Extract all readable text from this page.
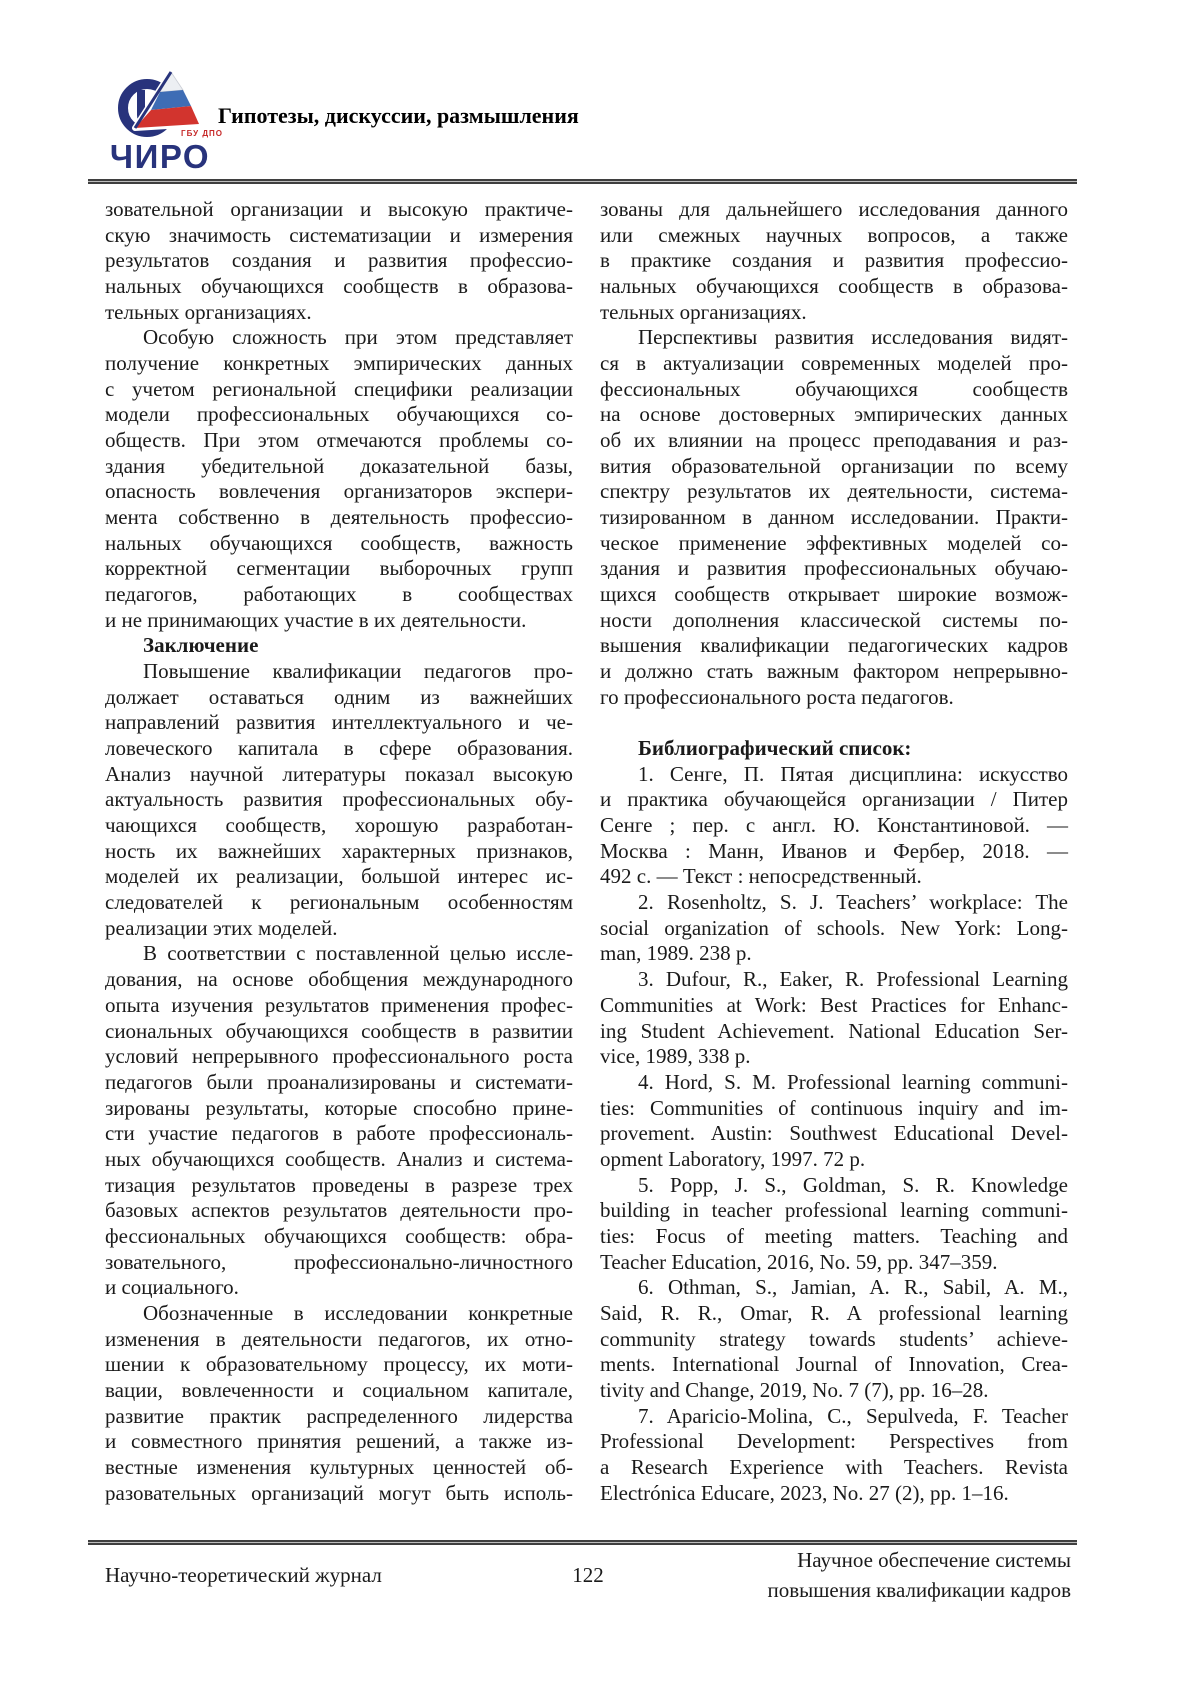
ГБУ ДПО
ЧИРО
Гипотезы, дискуссии, размышления
зовательной организации и высокую практиче-
скую значимость систематизации и измерения
результатов создания и развития профессио-
нальных обучающихся сообществ в образова-
тельных организациях.
Особую сложность при этом представляет
получение конкретных эмпирических данных
с учетом региональной специфики реализации
модели профессиональных обучающихся со-
обществ. При этом отмечаются проблемы со-
здания убедительной доказательной базы,
опасность вовлечения организаторов экспери-
мента собственно в деятельность профессио-
нальных обучающихся сообществ, важность
корректной сегментации выборочных групп
педагогов, работающих в сообществах
и не принимающих участие в их деятельности.
Заключение
Повышение квалификации педагогов про-
должает оставаться одним из важнейших
направлений развития интеллектуального и че-
ловеческого капитала в сфере образования.
Анализ научной литературы показал высокую
актуальность развития профессиональных обу-
чающихся сообществ, хорошую разработан-
ность их важнейших характерных признаков,
моделей их реализации, большой интерес ис-
следователей к региональным особенностям
реализации этих моделей.
В соответствии с поставленной целью иссле-
дования, на основе обобщения международного
опыта изучения результатов применения профес-
сиональных обучающихся сообществ в развитии
условий непрерывного профессионального роста
педагогов были проанализированы и системати-
зированы результаты, которые способно прине-
сти участие педагогов в работе профессиональ-
ных обучающихся сообществ. Анализ и система-
тизация результатов проведены в разрезе трех
базовых аспектов результатов деятельности про-
фессиональных обучающихся сообществ: обра-
зовательного, профессионально-личностного
и социального.
Обозначенные в исследовании конкретные
изменения в деятельности педагогов, их отно-
шении к образовательному процессу, их моти-
вации, вовлеченности и социальном капитале,
развитие практик распределенного лидерства
и совместного принятия решений, а также из-
вестные изменения культурных ценностей об-
разовательных организаций могут быть исполь-
зованы для дальнейшего исследования данного
или смежных научных вопросов, а также
в практике создания и развития профессио-
нальных обучающихся сообществ в образова-
тельных организациях.
Перспективы развития исследования видят-
ся в актуализации современных моделей про-
фессиональных обучающихся сообществ
на основе достоверных эмпирических данных
об их влиянии на процесс преподавания и раз-
вития образовательной организации по всему
спектру результатов их деятельности, система-
тизированном в данном исследовании. Практи-
ческое применение эффективных моделей со-
здания и развития профессиональных обучаю-
щихся сообществ открывает широкие возмож-
ности дополнения классической системы по-
вышения квалификации педагогических кадров
и должно стать важным фактором непрерывно-
го профессионального роста педагогов.

Библиографический список:
1. Сенге, П. Пятая дисциплина: искусство
и практика обучающейся организации / Питер
Сенге ; пер. с англ. Ю. Константиновой. —
Москва : Манн, Иванов и Фербер, 2018. —
492 с. — Текст : непосредственный.
2. Rosenholtz, S. J. Teachers’ workplace: The
social organization of schools. New York: Long-
man, 1989. 238 p.
3. Dufour, R., Eaker, R. Professional Learning
Communities at Work: Best Practices for Enhanc-
ing Student Achievement. National Education Ser-
vice, 1989, 338 p.
4. Hord, S. M. Professional learning communi-
ties: Communities of continuous inquiry and im-
provement. Austin: Southwest Educational Devel-
opment Laboratory, 1997. 72 p.
5. Popp, J. S., Goldman, S. R. Knowledge
building in teacher professional learning communi-
ties: Focus of meeting matters. Teaching and
Teacher Education, 2016, No. 59, pp. 347–359.
6. Othman, S., Jamian, A. R., Sabil, A. M.,
Said, R. R., Omar, R. A professional learning
community strategy towards students’ achieve-
ments. International Journal of Innovation, Crea-
tivity and Change, 2019, No. 7 (7), pp. 16–28.
7. Aparicio-Molina, C., Sepulveda, F. Teacher
Professional Development: Perspectives from
a Research Experience with Teachers. Revista
Electrónica Educare, 2023, No. 27 (2), pp. 1–16.
Научно-теоретический журнал	122
Научное обеспечение системы
повышения квалификации кадров
